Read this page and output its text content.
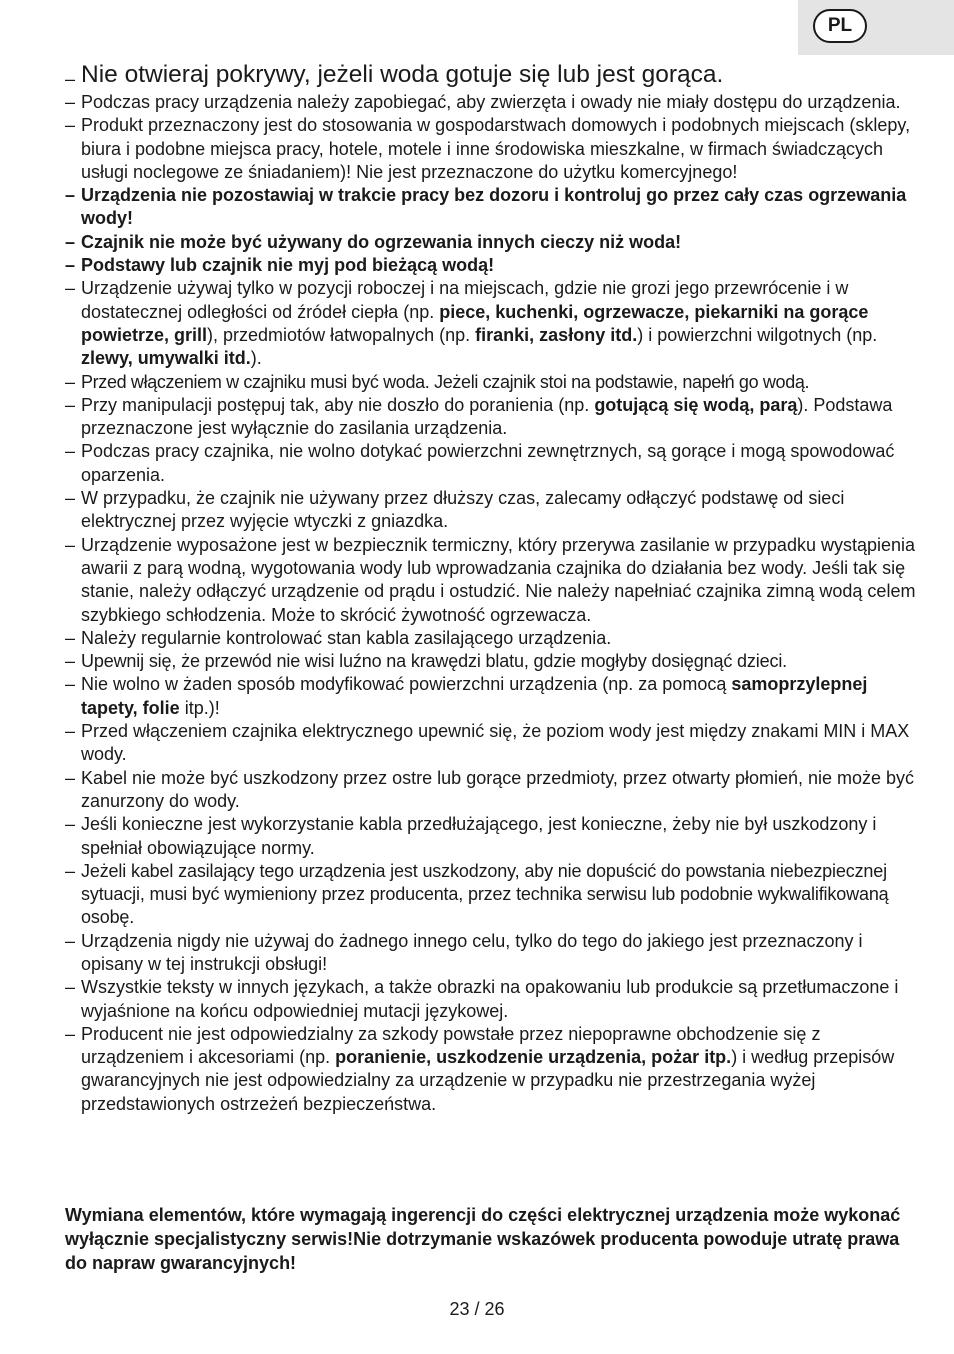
PL
– Nie otwieraj pokrywy, jeżeli woda gotuje się lub jest gorąca.
– Podczas pracy urządzenia należy zapobiegać, aby zwierzęta i owady nie miały dostępu do urządzenia.
– Produkt przeznaczony jest do stosowania w gospodarstwach domowych i podobnych miejscach (sklepy, biura i podobne miejsca pracy, hotele, motele i inne środowiska mieszkalne, w firmach świadczących usługi noclegowe ze śniadaniem)! Nie jest przeznaczone do użytku komercyjnego!
– Urządzenia nie pozostawiaj w trakcie pracy bez dozoru i kontroluj go przez cały czas ogrzewania wody!
– Czajnik nie może być używany do ogrzewania innych cieczy niż woda!
– Podstawy lub czajnik nie myj pod bieżącą wodą!
– Urządzenie używaj tylko w pozycji roboczej i na miejscach, gdzie nie grozi jego przewrócenie i w dostatecznej odległości od źródeł ciepła (np. piece, kuchenki, ogrzewacze, piekarniki na gorące powietrze, grill), przedmiotów łatwopalnych (np. firanki, zasłony itd.) i powierzchni wilgotnych (np. zlewy, umywalki itd.).
– Przed włączeniem w czajniku musi być woda. Jeżeli czajnik stoi na podstawie, napełń go wodą.
– Przy manipulacji postępuj tak, aby nie doszło do poranienia (np. gotującą się wodą, parą). Podstawa przeznaczone jest wyłącznie do zasilania urządzenia.
– Podczas pracy czajnika, nie wolno dotykać powierzchni zewnętrznych, są gorące i mogą spowodować oparzenia.
– W przypadku, że czajnik nie używany przez dłuższy czas, zalecamy odłączyć podstawę od sieci elektrycznej przez wyjęcie wtyczki z gniazdka.
– Urządzenie wyposażone jest w bezpiecznik termiczny, który przerywa zasilanie w przypadku wystąpienia awarii z parą wodną, wygotowania wody lub wprowadzania czajnika do działania bez wody. Jeśli tak się stanie, należy odłączyć urządzenie od prądu i ostudzić. Nie należy napełniać czajnika zimną wodą celem szybkiego schłodzenia. Może to skrócić żywotność ogrzewacza.
– Należy regularnie kontrolować stan kabla zasilającego urządzenia.
– Upewnij się, że przewód nie wisi luźno na krawędzi blatu, gdzie mogłyby dosięgnąć dzieci.
– Nie wolno w żaden sposób modyfikować powierzchni urządzenia (np. za pomocą samoprzylepnej tapety, folie itp.)!
– Przed włączeniem czajnika elektrycznego upewnić się, że poziom wody jest między znakami MIN i MAX wody.
– Kabel nie może być uszkodzony przez ostre lub gorące przedmioty, przez otwarty płomień, nie może być zanurzony do wody.
– Jeśli konieczne jest wykorzystanie kabla przedłużającego, jest konieczne, żeby nie był uszkodzony i spełniał obowiązujące normy.
– Jeżeli kabel zasilający tego urządzenia jest uszkodzony, aby nie dopuścić do powstania niebezpiecznej sytuacji, musi być wymieniony przez producenta, przez technika serwisu lub podobnie wykwalifikowaną osobę.
– Urządzenia nigdy nie używaj do żadnego innego celu, tylko do tego do jakiego jest przeznaczony i opisany w tej instrukcji obsługi!
– Wszystkie teksty w innych językach, a także obrazki na opakowaniu lub produkcie są przetłumaczone i wyjaśnione na końcu odpowiedniej mutacji językowej.
– Producent nie jest odpowiedzialny za szkody powstałe przez niepoprawne obchodzenie się z urządzeniem i akcesoriami (np. poranienie, uszkodzenie urządzenia, pożar itp.) i według przepisów gwarancyjnych nie jest odpowiedzialny za urządzenie w przypadku nie przestrzegania wyżej przedstawionych ostrzeżeń bezpieczeństwa.

Wymiana elementów, które wymagają ingerencji do części elektrycznej urządzenia może wykonać wyłącznie specjalistyczny serwis!Nie dotrzymanie wskazówek producenta powoduje utratę prawa do napraw gwarancyjnych!

23 / 26
